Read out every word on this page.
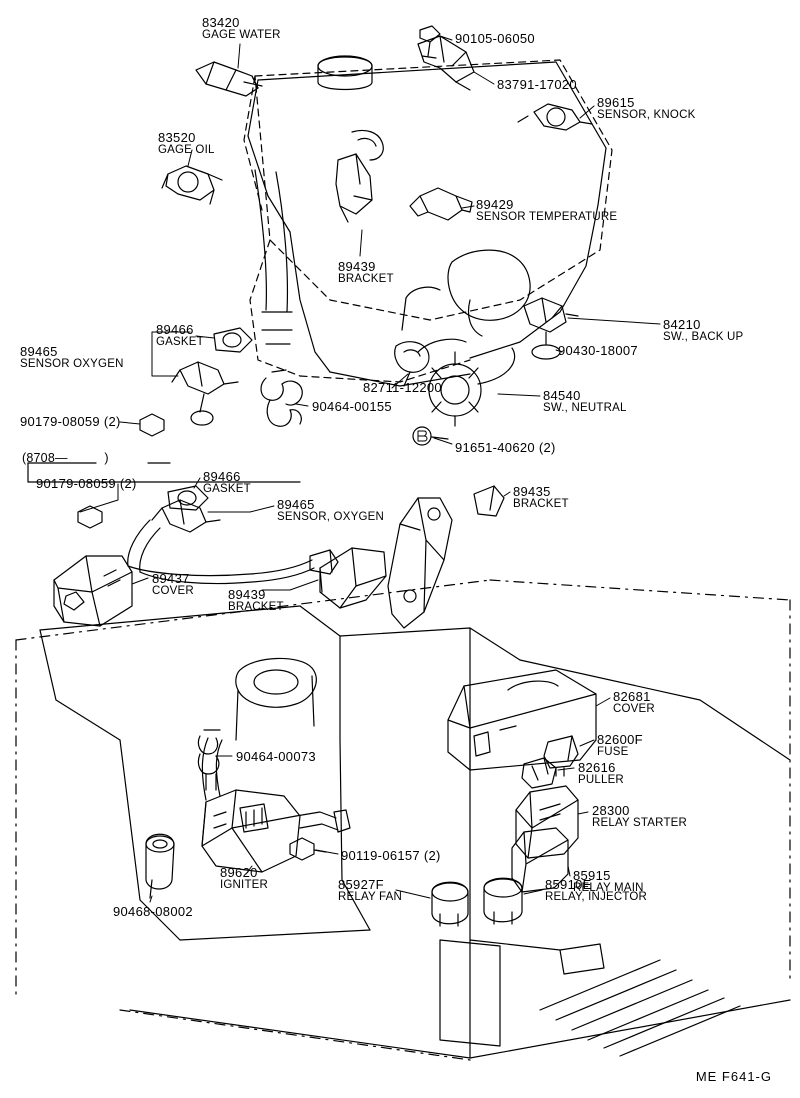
83420
GAGE WATER	90105-06050
83791-17020
89615
SENSOR, KNOCK
83520
GAGE OIL
89429
SENSOR TEMPERATURE
89439
BRACKET
84210
SW., BACK UP
90430-18007
89466
GASKET
89465
SENSOR OXYGEN
82711-12200
84540
SW., NEUTRAL
90464-00155
90179-08059 (2)
91651-40620 (2)
90179-08059 (2)	89466
GASKET
89465
SENSOR, OXYGEN
89435
BRACKET
89437
COVER	89439
BRACKET
82681
COVER
82600F
FUSE
82616
PULLER
90464-00073
28300
RELAY STARTER
85915
RELAY MAIN
90119-06157 (2)
89620
IGNITER
90468-08002
85927F
RELAY FAN
85910E
RELAY, INJECTOR
(8708—          )
ME F641-G
